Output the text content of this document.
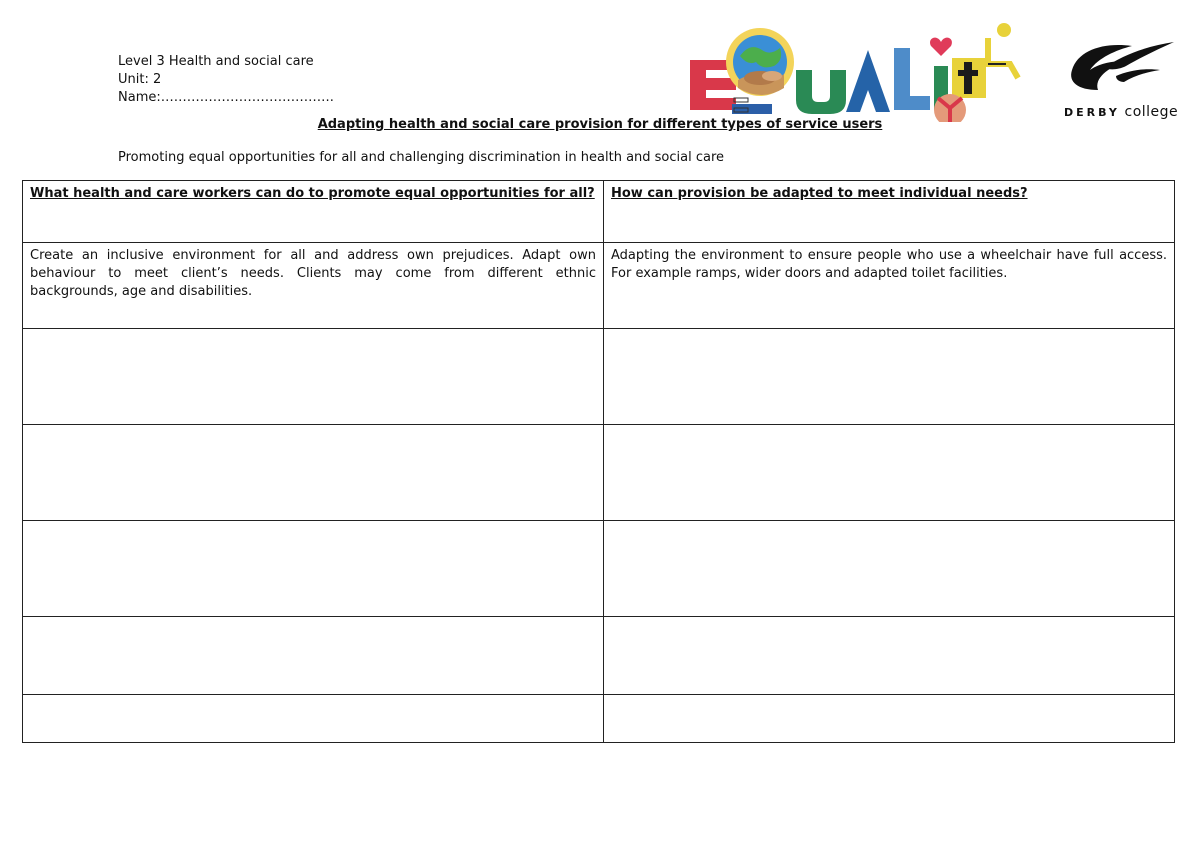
Level 3 Health and social care
Unit: 2
Name:………………………………….
DERBY college
Adapting health and social care provision for different types of service users
Promoting equal opportunities for all and challenging discrimination in health and social care
What health and care workers can do to promote equal opportunities for all?	How can provision be adapted to meet individual needs?
Create an inclusive environment for all and address own prejudices. Adapt own behaviour to meet client’s needs. Clients may come from different ethnic backgrounds, age and disabilities.	Adapting the environment to ensure people who use a wheelchair have full access. For example ramps, wider doors and adapted toilet facilities.
